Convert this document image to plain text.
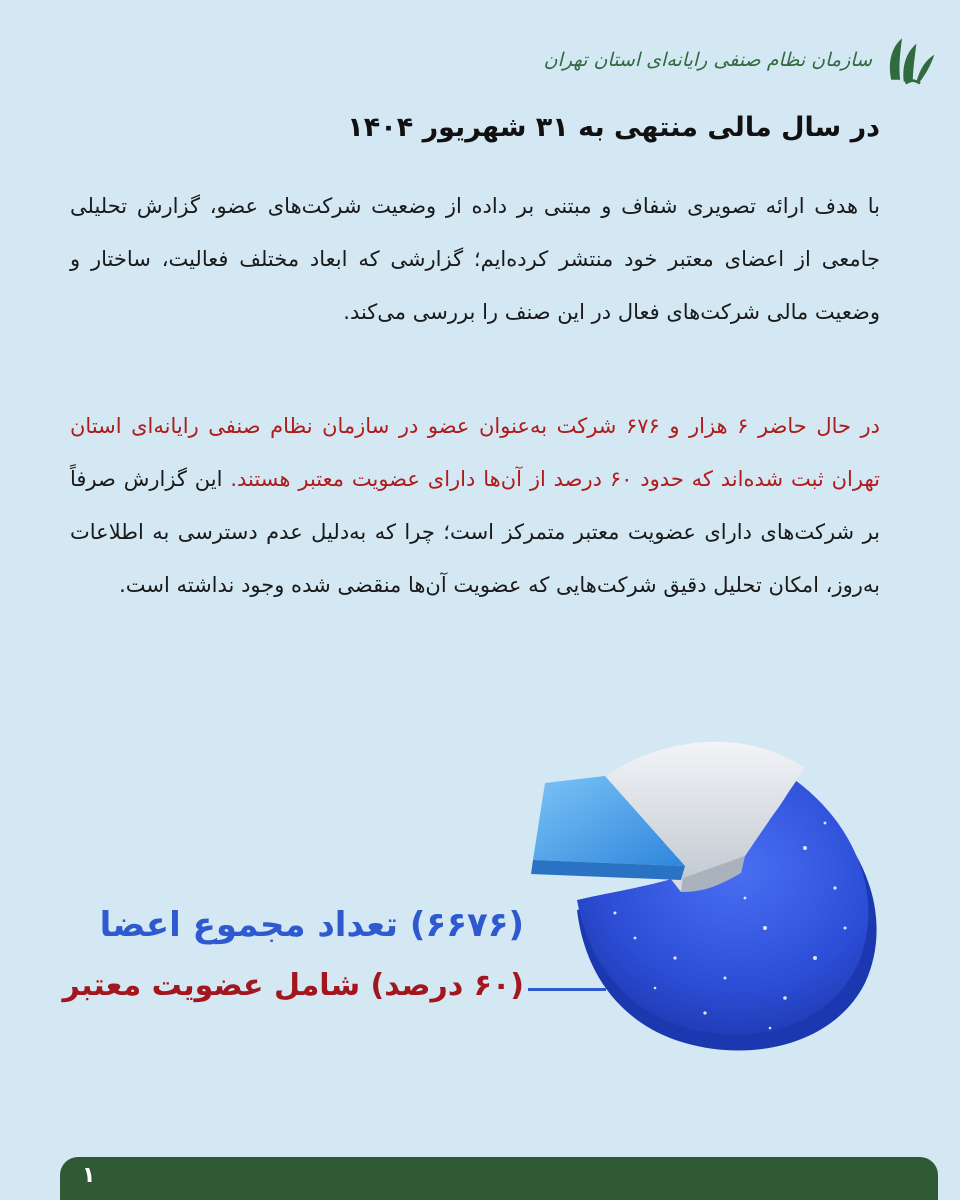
سازمان نظام صنفی رایانه‌ای استان تهران
در سال مالی منتهی به ۳۱ شهریور ۱۴۰۴

با هدف ارائه تصویری شفاف و مبتنی بر داده از وضعیت شرکت‌های عضو، گزارش تحلیلی جامعی از اعضای معتبر خود منتشر کرده‌ایم؛ گزارشی که ابعاد مختلف فعالیت، ساختار و وضعیت مالی شرکت‌های فعال در این صنف را بررسی می‌کند.

در حال حاضر ۶ هزار و ۶۷۶ شرکت به‌عنوان عضو در سازمان نظام صنفی رایانه‌ای استان تهران ثبت شده‌اند که حدود ۶۰ درصد از آن‌ها دارای عضویت معتبر هستند. این گزارش صرفاً بر شرکت‌های دارای عضویت معتبر متمرکز است؛ چرا که به‌دلیل عدم دسترسی به اطلاعات به‌روز، امکان تحلیل دقیق شرکت‌هایی که عضویت آن‌ها منقضی شده وجود نداشته است.

(۶۶۷۶) تعداد مجموع اعضا
(۶۰ درصد) شامل عضویت معتبر
۱
